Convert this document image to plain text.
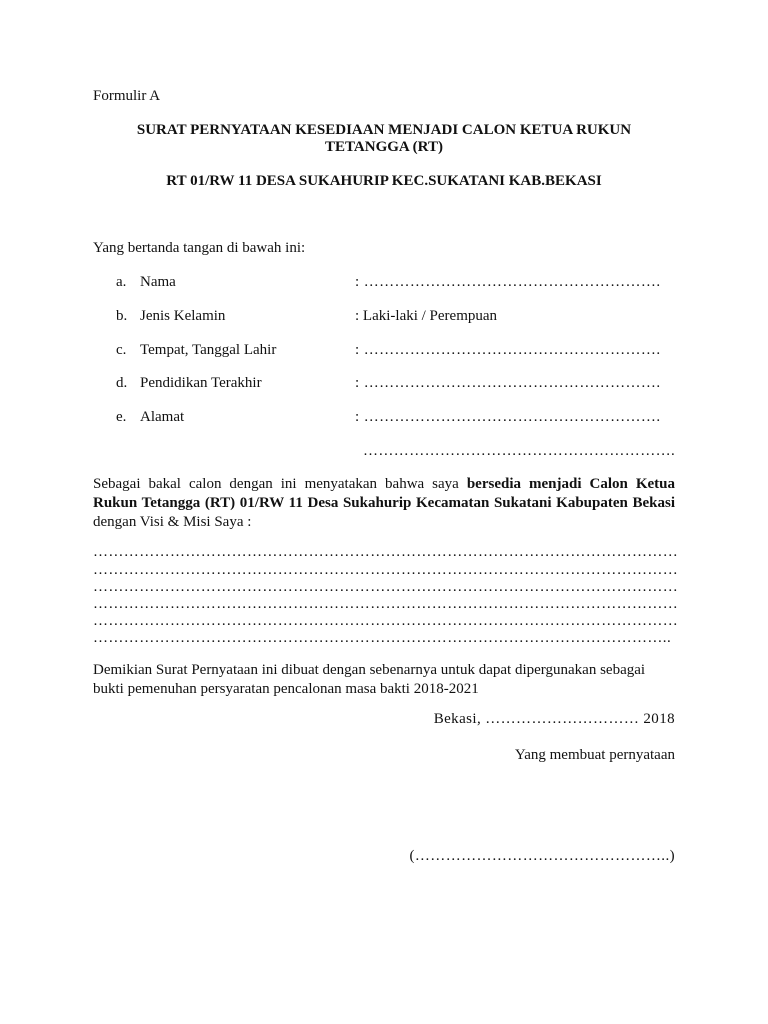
Formulir A
SURAT PERNYATAAN KESEDIAAN MENJADI CALON KETUA RUKUN
TETANGGA (RT)
RT 01/RW 11 DESA SUKAHURIP KEC.SUKATANI KAB.BEKASI
Yang bertanda tangan di bawah ini:
a. Nama	: ………………………………………………….
b. Jenis Kelamin	: Laki-laki / Perempuan
c. Tempat, Tanggal Lahir	: ………………………………………………….
d. Pendidikan Terakhir	: ………………………………………………….
e. Alamat	: ………………………………………………….
…………………………………………………….
Sebagai bakal calon dengan ini menyatakan bahwa saya bersedia menjadi Calon Ketua Rukun Tetangga (RT) 01/RW 11 Desa Sukahurip Kecamatan Sukatani Kabupaten Bekasi dengan Visi & Misi Saya :
……………………………………………………………………………………………………
……………………………………………………………………………………………………
……………………………………………………………………………………………………
……………………………………………………………………………………………………
……………………………………………………………………………………………………
…………………………………………………………………………………………………..
Demikian Surat Pernyataan ini dibuat dengan sebenarnya untuk dapat dipergunakan sebagai bukti pemenuhan persyaratan pencalonan masa bakti 2018-2021
Bekasi, ………………………… 2018
Yang membuat pernyataan
(…………………………………………..)
